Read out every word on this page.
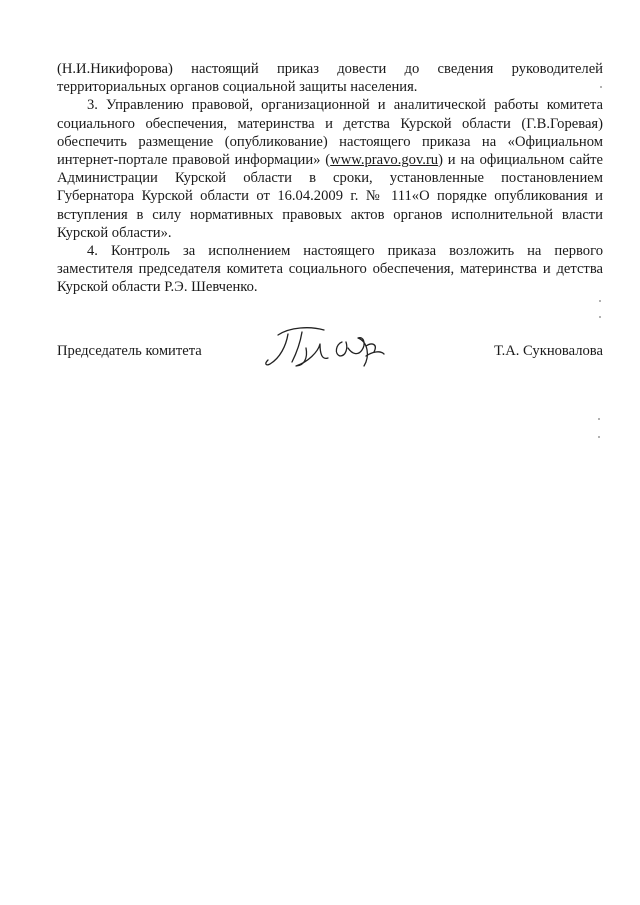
(Н.И.Никифорова) настоящий приказ довести до сведения руководителей территориальных органов социальной защиты населения.

3. Управлению правовой, организационной и аналитической работы комитета социального обеспечения, материнства и детства Курской области (Г.В.Горевая) обеспечить размещение (опубликование) настоящего приказа на «Официальном интернет-портале правовой информации» (www.pravo.gov.ru) и на официальном сайте Администрации Курской области в сроки, установленные постановлением Губернатора Курской области от 16.04.2009 г. № 111«О порядке опубликования и вступления в силу нормативных правовых актов органов исполнительной власти Курской области».

4. Контроль за исполнением настоящего приказа возложить на первого заместителя председателя комитета социального обеспечения, материнства и детства Курской области Р.Э. Шевченко.

Председатель комитета	Т.А. Сукновалова
